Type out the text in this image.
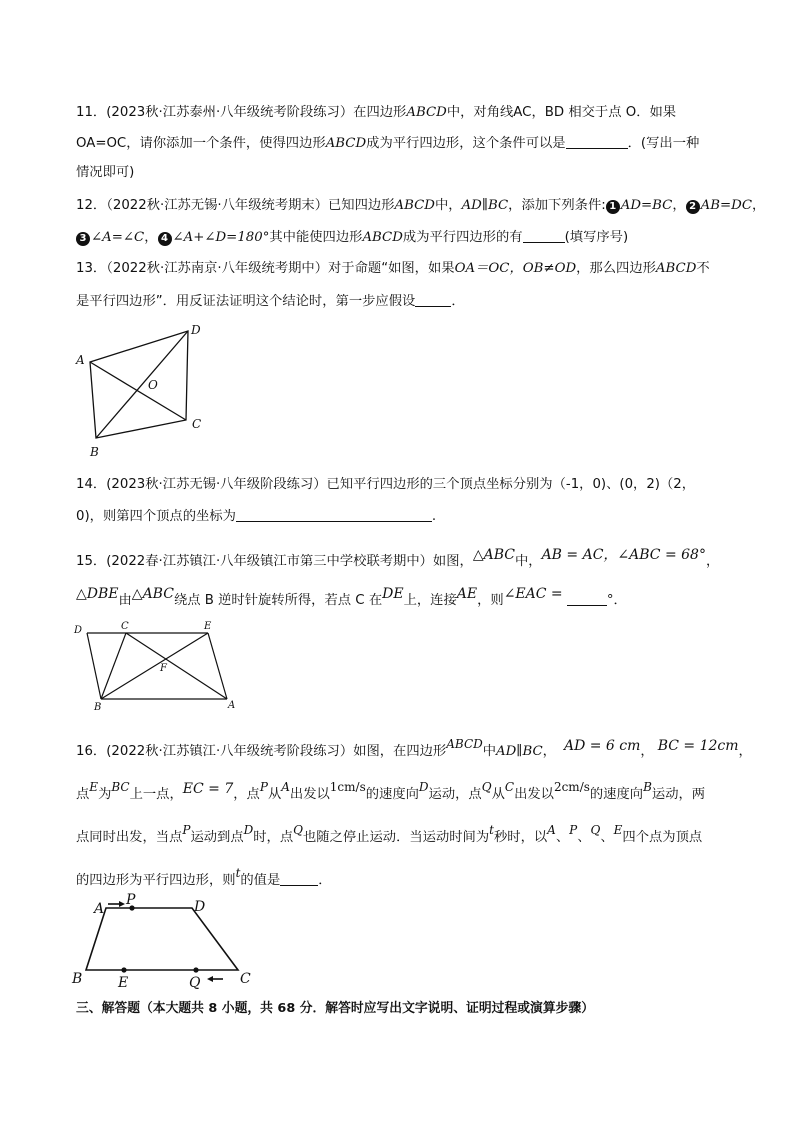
11．(2023秋·江苏泰州·八年级统考阶段练习）在四边形ABCD中，对角线AC，BD 相交于点 O．如果
OA=OC，请你添加一个条件，使得四边形ABCD成为平行四边形，这个条件可以是	．(写出一种
情况即可)
12．（2022秋·江苏无锡·八年级统考期末）已知四边形ABCD中，AD∥BC，添加下列条件: 1 AD=BC， 2 AB=DC，
3 ∠A=∠C， 4 ∠A+∠D=180°其中能使四边形ABCD成为平行四边形的有	(填写序号)
13．（2022秋·江苏南京·八年级统考期中）对于命题“如图，如果OA＝OC，OB≠OD，那么四边形ABCD不
是平行四边形”．用反证法证明这个结论时，第一步应假设	．
A
D
O
C
B
14．(2023秋·江苏无锡·八年级阶段练习）已知平行四边形的三个顶点坐标分别为（-1，0)、(0，2)（2，
0)，则第四个顶点的坐标为	.
15．(2022春·江苏镇江·八年级镇江市第三中学校联考期中）如图，△ABC中，AB = AC，∠ABC = 68°，
△DBE由△ABC绕点 B 逆时针旋转所得，若点 C 在DE上，连接AE，则∠EAC =	°．
D	C	E
F
B	A
16．(2022秋·江苏镇江·八年级统考阶段练习）如图，在四边形ABCD中AD∥BC， AD = 6 cm， BC = 12cm，
点E为BC上一点，EC = 7，点P从A出发以1cm/s的速度向D运动，点Q从C出发以2cm/s的速度向B运动，两
点同时出发，当点P运动到点D时，点Q也随之停止运动．当运动时间为t秒时，以A、P、Q、E四个点为顶点
的四边形为平行四边形，则t的值是	．
A
P	D
B	E	Q	C
三、解答题（本大题共 8 小题，共 68 分．解答时应写出文字说明、证明过程或演算步骤）
